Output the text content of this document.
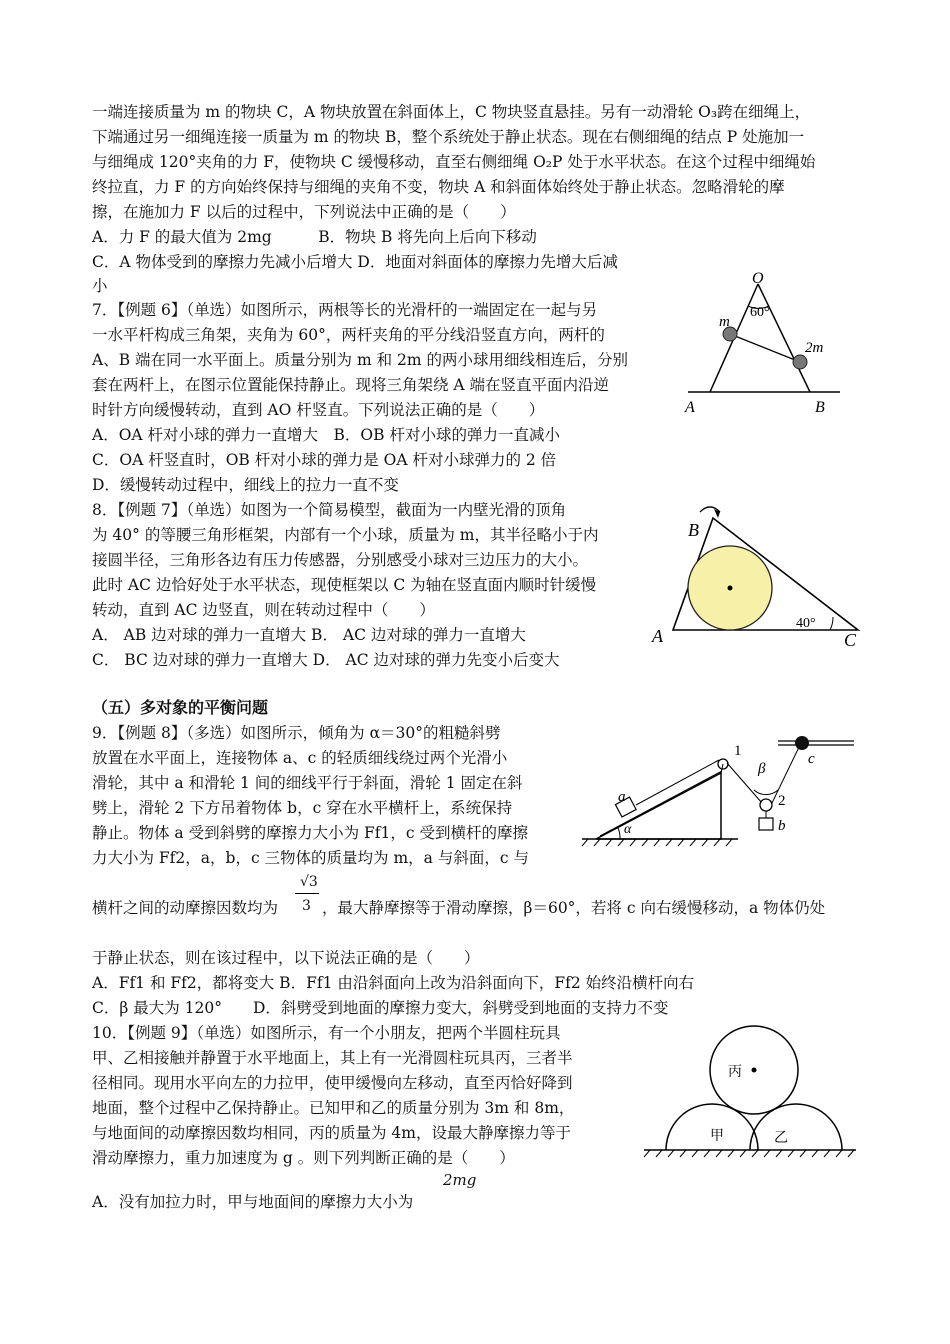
一端连接质量为 m 的物块 C，A 物块放置在斜面体上，C 物块竖直悬挂。另有一动滑轮 O₃跨在细绳上，
下端通过另一细绳连接一质量为 m 的物块 B，整个系统处于静止状态。现在右侧细绳的结点 P 处施加一
与细绳成 120°夹角的力 F，使物块 C 缓慢移动，直至右侧细绳 O₂P 处于水平状态。在这个过程中细绳始
终拉直，力 F 的方向始终保持与细绳的夹角不变，物块 A 和斜面体始终处于静止状态。忽略滑轮的摩
擦，在施加力 F 以后的过程中，下列说法中正确的是（　　）
A．力 F 的最大值为 2mg　　　B．物块 B 将先向上后向下移动
C．A 物体受到的摩擦力先减小后增大 D．地面对斜面体的摩擦力先增大后减
小
7．【例题 6】（单选）如图所示，两根等长的光滑杆的一端固定在一起与另
一水平杆构成三角架，夹角为 60°，两杆夹角的平分线沿竖直方向，两杆的
A、B 端在同一水平面上。质量分别为 m 和 2m 的两小球用细线相连后，分别
套在两杆上，在图示位置能保持静止。现将三角架绕 A 端在竖直平面内沿逆
时针方向缓慢转动，直到 AO 杆竖直。下列说法正确的是（　　）
A．OA 杆对小球的弹力一直增大　B．OB 杆对小球的弹力一直减小
C．OA 杆竖直时，OB 杆对小球的弹力是 OA 杆对小球弹力的 2 倍
D．缓慢转动过程中，细线上的拉力一直不变
O
60°
m
2m
A	B
8．【例题 7】（单选）如图为一个简易模型，截面为一内壁光滑的顶角
为 40° 的等腰三角形框架，内部有一个小球，质量为 m，其半径略小于内
接圆半径，三角形各边有压力传感器，分别感受小球对三边压力的大小。
此时 AC 边恰好处于水平状态，现使框架以 C 为轴在竖直面内顺时针缓慢
转动，直到 AC 边竖直，则在转动过程中（　　）
A． AB 边对球的弹力一直增大 B． AC 边对球的弹力一直增大
C． BC 边对球的弹力一直增大 D． AC 边对球的弹力先变小后变大
B
A	C
40°
（五）多对象的平衡问题
9．【例题 8】（多选）如图所示，倾角为 α＝30°的粗糙斜劈
放置在水平面上，连接物体 a、c 的轻质细线绕过两个光滑小
滑轮，其中 a 和滑轮 1 间的细线平行于斜面，滑轮 1 固定在斜
劈上，滑轮 2 下方吊着物体 b，c 穿在水平横杆上，系统保持
静止。物体 a 受到斜劈的摩擦力大小为 Ff1，c 受到横杆的摩擦
力大小为 Ff2，a，b，c 三物体的质量均为 m，a 与斜面，c 与
√3
横杆之间的动摩擦因数均为 3 ，最大静摩擦等于滑动摩擦，β＝60°，若将 c 向右缓慢移动，a 物体仍处
于静止状态，则在该过程中，以下说法正确的是（　　）
A．Ff1 和 Ff2，都将变大 B．Ff1 由沿斜面向上改为沿斜面向下，Ff2 始终沿横杆向右
C．β 最大为 120°　　D．斜劈受到地面的摩擦力变大，斜劈受到地面的支持力不变
a
α
1
β
2
b
c
10．【例题 9】（单选）如图所示，有一个小朋友，把两个半圆柱玩具
甲、乙相接触并静置于水平地面上，其上有一光滑圆柱玩具丙，三者半
径相同。现用水平向左的力拉甲，使甲缓慢向左移动，直至丙恰好降到
地面，整个过程中乙保持静止。已知甲和乙的质量分别为 3m 和 8m，
与地面间的动摩擦因数均相同，丙的质量为 4m，设最大静摩擦力等于
滑动摩擦力，重力加速度为 g 。则下列判断正确的是（　　）
2mg
A．没有加拉力时，甲与地面间的摩擦力大小为
丙
甲	乙
